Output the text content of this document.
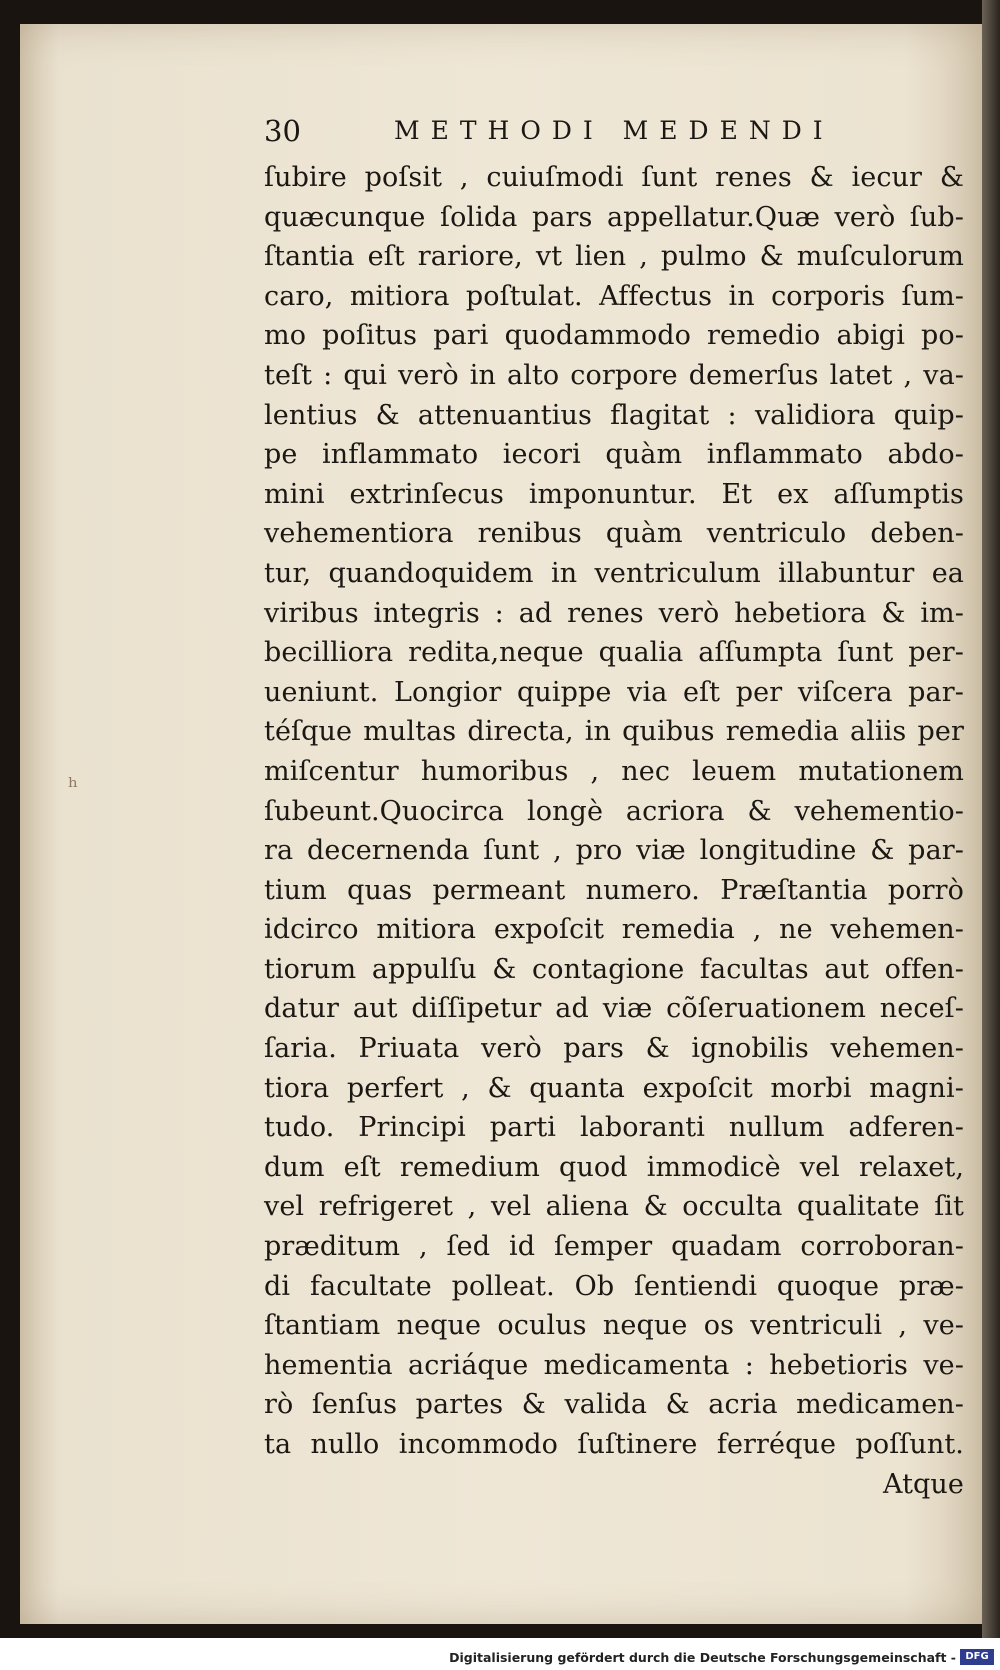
30	METHODI MEDENDI
ſubire poſsit , cuiuſmodi ſunt renes & iecur &
quæcunque ſolida pars appellatur.Quæ verò ſub-
ſtantia eſt rariore, vt lien , pulmo & muſculorum
caro, mitiora poſtulat. Affectus in corporis ſum-
mo poſitus pari quodammodo remedio abigi po-
teſt : qui verò in alto corpore demerſus latet , va-
lentius & attenuantius flagitat : validiora quip-
pe inflammato iecori quàm inflammato abdo-
mini extrinſecus imponuntur. Et ex aſſumptis
vehementiora renibus quàm ventriculo deben-
tur, quandoquidem in ventriculum illabuntur ea
viribus integris : ad renes verò hebetiora & im-
becilliora redita,neque qualia aſſumpta ſunt per-
ueniunt. Longior quippe via eſt per viſcera par-
téſque multas directa, in quibus remedia aliis per
miſcentur humoribus , nec leuem mutationem
ſubeunt.Quocirca longè acriora & vehementio-
ra decernenda ſunt , pro viæ longitudine & par-
tium quas permeant numero. Præſtantia porrò
idcirco mitiora expoſcit remedia , ne vehemen-
tiorum appulſu & contagione facultas aut offen-
datur aut diſſipetur ad viæ cõſeruationem neceſ-
ſaria. Priuata verò pars & ignobilis vehemen-
tiora perfert , & quanta expoſcit morbi magni-
tudo. Principi parti laboranti nullum adferen-
dum eſt remedium quod immodicè vel relaxet,
vel refrigeret , vel aliena & occulta qualitate ſit
præditum , ſed id ſemper quadam corroboran-
di facultate polleat. Ob ſentiendi quoque præ-
ſtantiam neque oculus neque os ventriculi , ve-
hementia acriáque medicamenta : hebetioris ve-
rò ſenſus partes & valida & acria medicamen-
ta nullo incommodo ſuſtinere ferréque poſſunt.
Atque
ʰ
Digitalisierung gefördert durch die Deutsche Forschungsgemeinschaft - DFG
